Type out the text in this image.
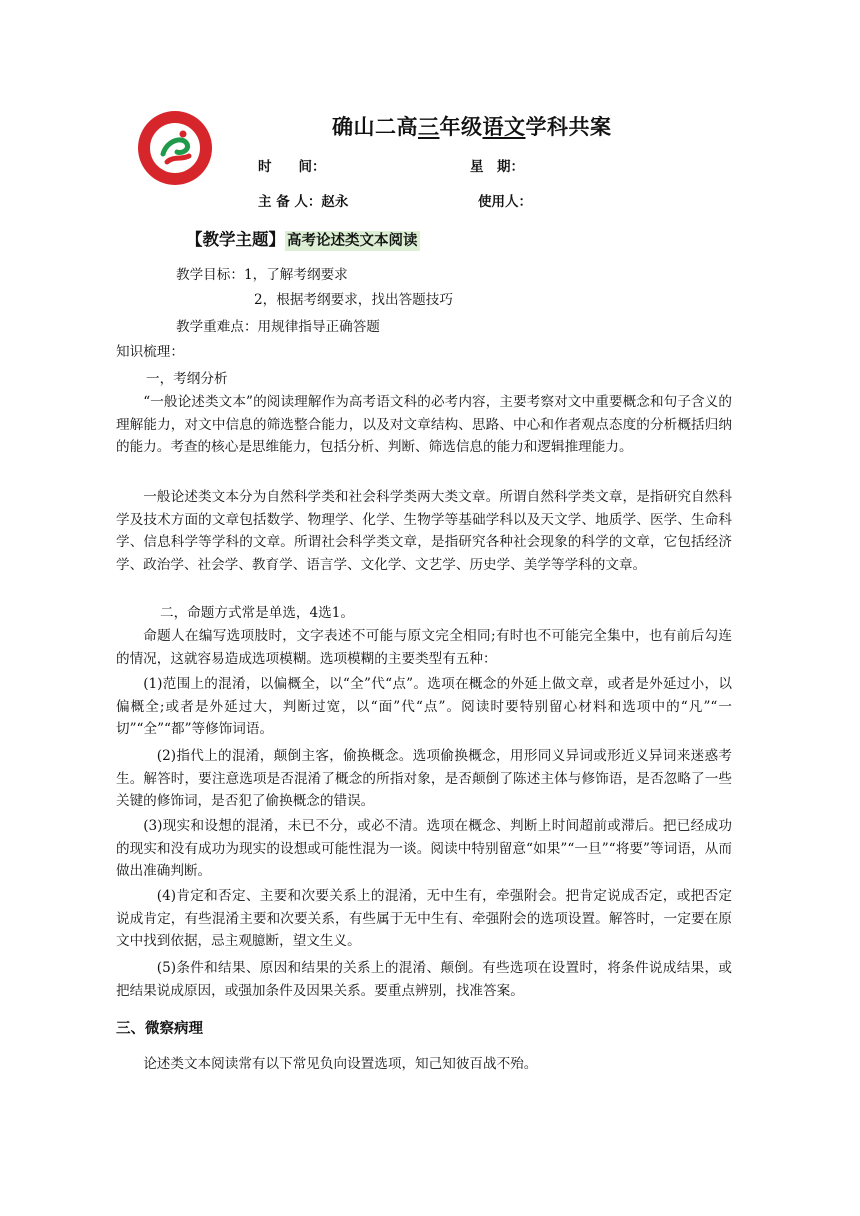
确山二高三年级语文学科共案
时　　间：	星　期：
主 备 人：赵永	使用人：
【教学主题】 高考论述类文本阅读
教学目标：1，了解考纲要求
2，根据考纲要求，找出答题技巧
教学重难点：用规律指导正确答题
知识梳理：
一，考纲分析

“一般论述类文本”的阅读理解作为高考语文科的必考内容，主要考察对文中重要概念和句子含义的理解能力，对文中信息的筛选整合能力，以及对文章结构、思路、中心和作者观点态度的分析概括归纳的能力。考查的核心是思维能力，包括分析、判断、筛选信息的能力和逻辑推理能力。

一般论述类文本分为自然科学类和社会科学类两大类文章。所谓自然科学类文章，是指研究自然科学及技术方面的文章包括数学、物理学、化学、生物学等基础学科以及天文学、地质学、医学、生命科学、信息科学等学科的文章。所谓社会科学类文章，是指研究各种社会现象的科学的文章，它包括经济学、政治学、社会学、教育学、语言学、文化学、文艺学、历史学、美学等学科的文章。

二，命题方式常是单选，4选1。

命题人在编写选项肢时，文字表述不可能与原文完全相同;有时也不可能完全集中，也有前后勾连的情况，这就容易造成选项模糊。选项模糊的主要类型有五种：

(1)范围上的混淆，以偏概全，以“全”代“点”。选项在概念的外延上做文章，或者是外延过小，以偏概全;或者是外延过大，判断过宽，以“面”代“点”。阅读时要特别留心材料和选项中的“凡”“一切”“全”“都”等修饰词语。

(2)指代上的混淆，颠倒主客，偷换概念。选项偷换概念，用形同义异词或形近义异词来迷惑考生。解答时，要注意选项是否混淆了概念的所指对象，是否颠倒了陈述主体与修饰语，是否忽略了一些关键的修饰词，是否犯了偷换概念的错误。

(3)现实和设想的混淆，未已不分，或必不清。选项在概念、判断上时间超前或滞后。把已经成功的现实和没有成功为现实的设想或可能性混为一谈。阅读中特别留意“如果”“一旦”“将要”等词语，从而做出准确判断。

(4)肯定和否定、主要和次要关系上的混淆，无中生有，牵强附会。把肯定说成否定，或把否定说成肯定，有些混淆主要和次要关系，有些属于无中生有、牵强附会的选项设置。解答时，一定要在原文中找到依据，忌主观臆断，望文生义。

(5)条件和结果、原因和结果的关系上的混淆、颠倒。有些选项在设置时，将条件说成结果，或把结果说成原因，或强加条件及因果关系。要重点辨别，找准答案。

三、微察病理

论述类文本阅读常有以下常见负向设置选项，知己知彼百战不殆。
